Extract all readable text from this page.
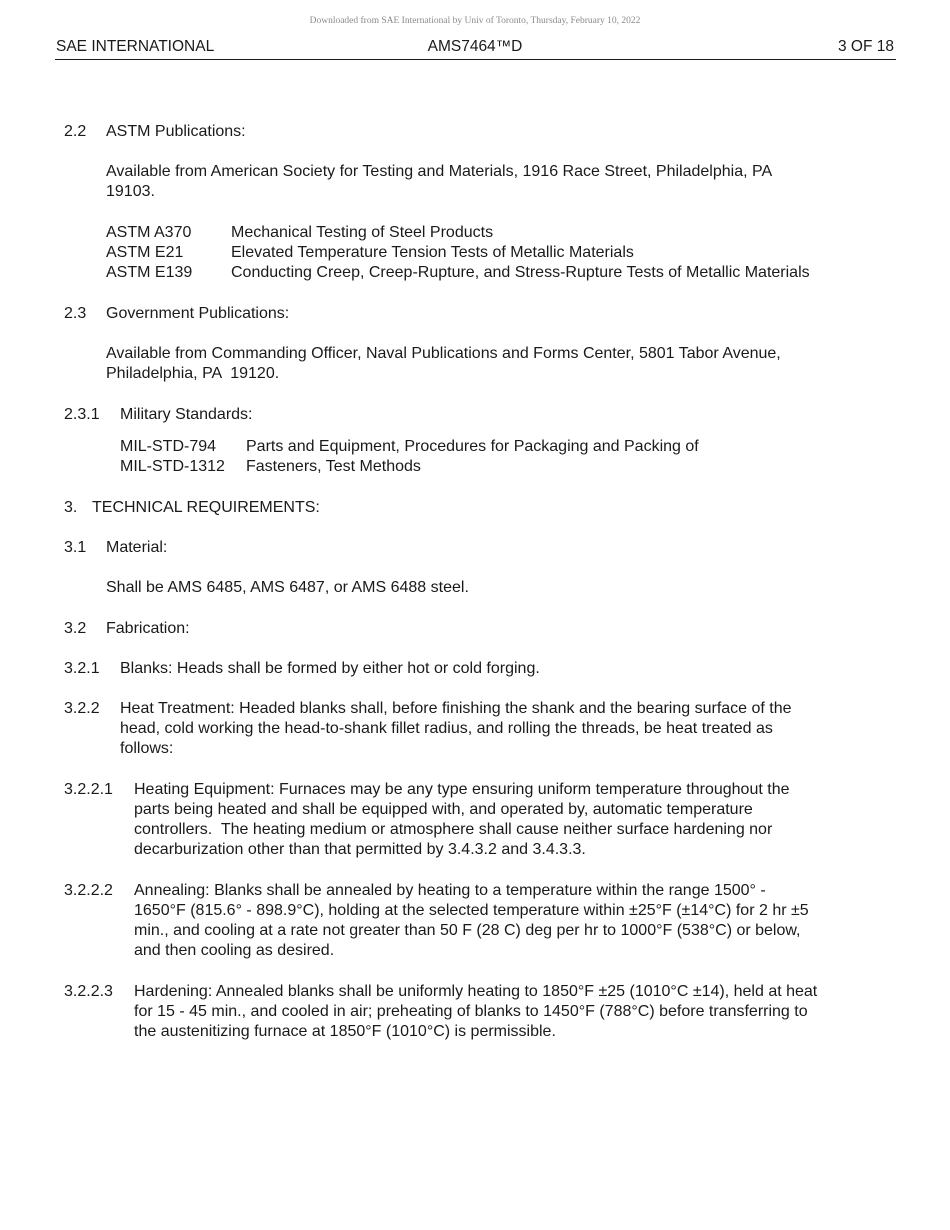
Downloaded from SAE International by Univ of Toronto, Thursday, February 10, 2022
SAE INTERNATIONAL	AMS7464™D	3 OF 18
2.2 ASTM Publications:
Available from American Society for Testing and Materials, 1916 Race Street, Philadelphia, PA
19103.
ASTM A370 Mechanical Testing of Steel Products
ASTM E21	Elevated Temperature Tension Tests of Metallic Materials
ASTM E139 Conducting Creep, Creep-Rupture, and Stress-Rupture Tests of Metallic Materials
2.3 Government Publications:
Available from Commanding Officer, Naval Publications and Forms Center, 5801 Tabor Avenue,
Philadelphia, PA  19120.
2.3.1 Military Standards:
MIL-STD-794 Parts and Equipment, Procedures for Packaging and Packing of
MIL-STD-1312 Fasteners, Test Methods
3. TECHNICAL REQUIREMENTS:
3.1 Material:
Shall be AMS 6485, AMS 6487, or AMS 6488 steel.
3.2 Fabrication:
3.2.1 Blanks: Heads shall be formed by either hot or cold forging.
3.2.2 Heat Treatment: Headed blanks shall, before finishing the shank and the bearing surface of the
head, cold working the head-to-shank fillet radius, and rolling the threads, be heat treated as
follows:
3.2.2.1 Heating Equipment: Furnaces may be any type ensuring uniform temperature throughout the
parts being heated and shall be equipped with, and operated by, automatic temperature
controllers.  The heating medium or atmosphere shall cause neither surface hardening nor
decarburization other than that permitted by 3.4.3.2 and 3.4.3.3.
3.2.2.2 Annealing: Blanks shall be annealed by heating to a temperature within the range 1500° -
1650°F (815.6° - 898.9°C), holding at the selected temperature within ±25°F (±14°C) for 2 hr ±5
min., and cooling at a rate not greater than 50 F (28 C) deg per hr to 1000°F (538°C) or below,
and then cooling as desired.
3.2.2.3 Hardening: Annealed blanks shall be uniformly heating to 1850°F ±25 (1010°C ±14), held at heat
for 15 - 45 min., and cooled in air; preheating of blanks to 1450°F (788°C) before transferring to
the austenitizing furnace at 1850°F (1010°C) is permissible.
